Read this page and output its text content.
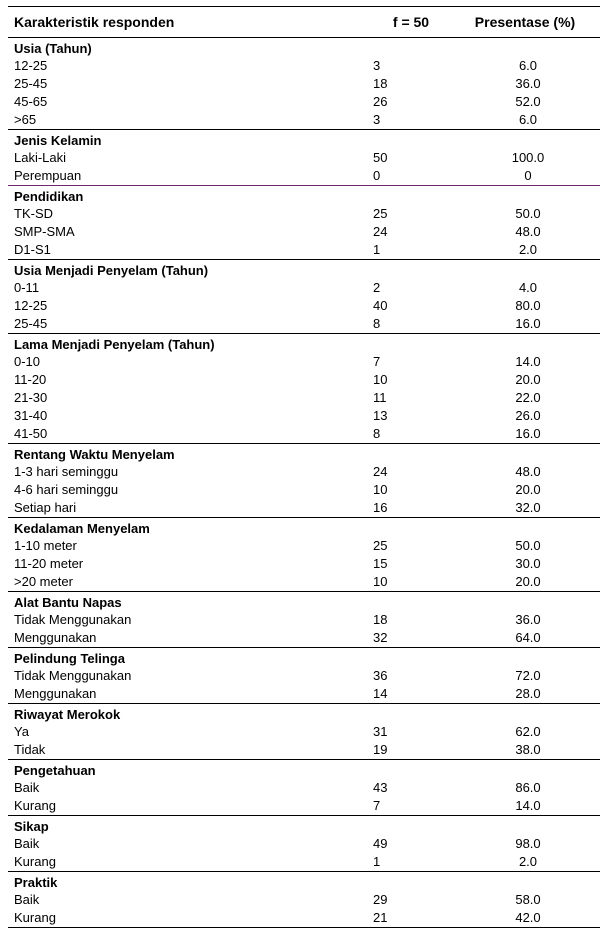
Karakteristik responden	f = 50	Presentase (%)
Usia (Tahun)
12-25	3	6.0
25-45	18	36.0
45-65	26	52.0
>65	3	6.0
Jenis Kelamin
Laki-Laki	50	100.0
Perempuan	0	0
Pendidikan
TK-SD	25	50.0
SMP-SMA	24	48.0
D1-S1	1	2.0
Usia Menjadi Penyelam (Tahun)
0-11	2	4.0
12-25	40	80.0
25-45	8	16.0
Lama Menjadi Penyelam (Tahun)
0-10	7	14.0
11-20	10	20.0
21-30	11	22.0
31-40	13	26.0
41-50	8	16.0
Rentang Waktu Menyelam
1-3 hari seminggu	24	48.0
4-6 hari seminggu	10	20.0
Setiap hari	16	32.0
Kedalaman Menyelam
1-10 meter	25	50.0
11-20 meter	15	30.0
>20 meter	10	20.0
Alat Bantu Napas
Tidak Menggunakan	18	36.0
Menggunakan	32	64.0
Pelindung Telinga
Tidak Menggunakan	36	72.0
Menggunakan	14	28.0
Riwayat Merokok
Ya	31	62.0
Tidak	19	38.0
Pengetahuan
Baik	43	86.0
Kurang	7	14.0
Sikap
Baik	49	98.0
Kurang	1	2.0
Praktik
Baik	29	58.0
Kurang	21	42.0
